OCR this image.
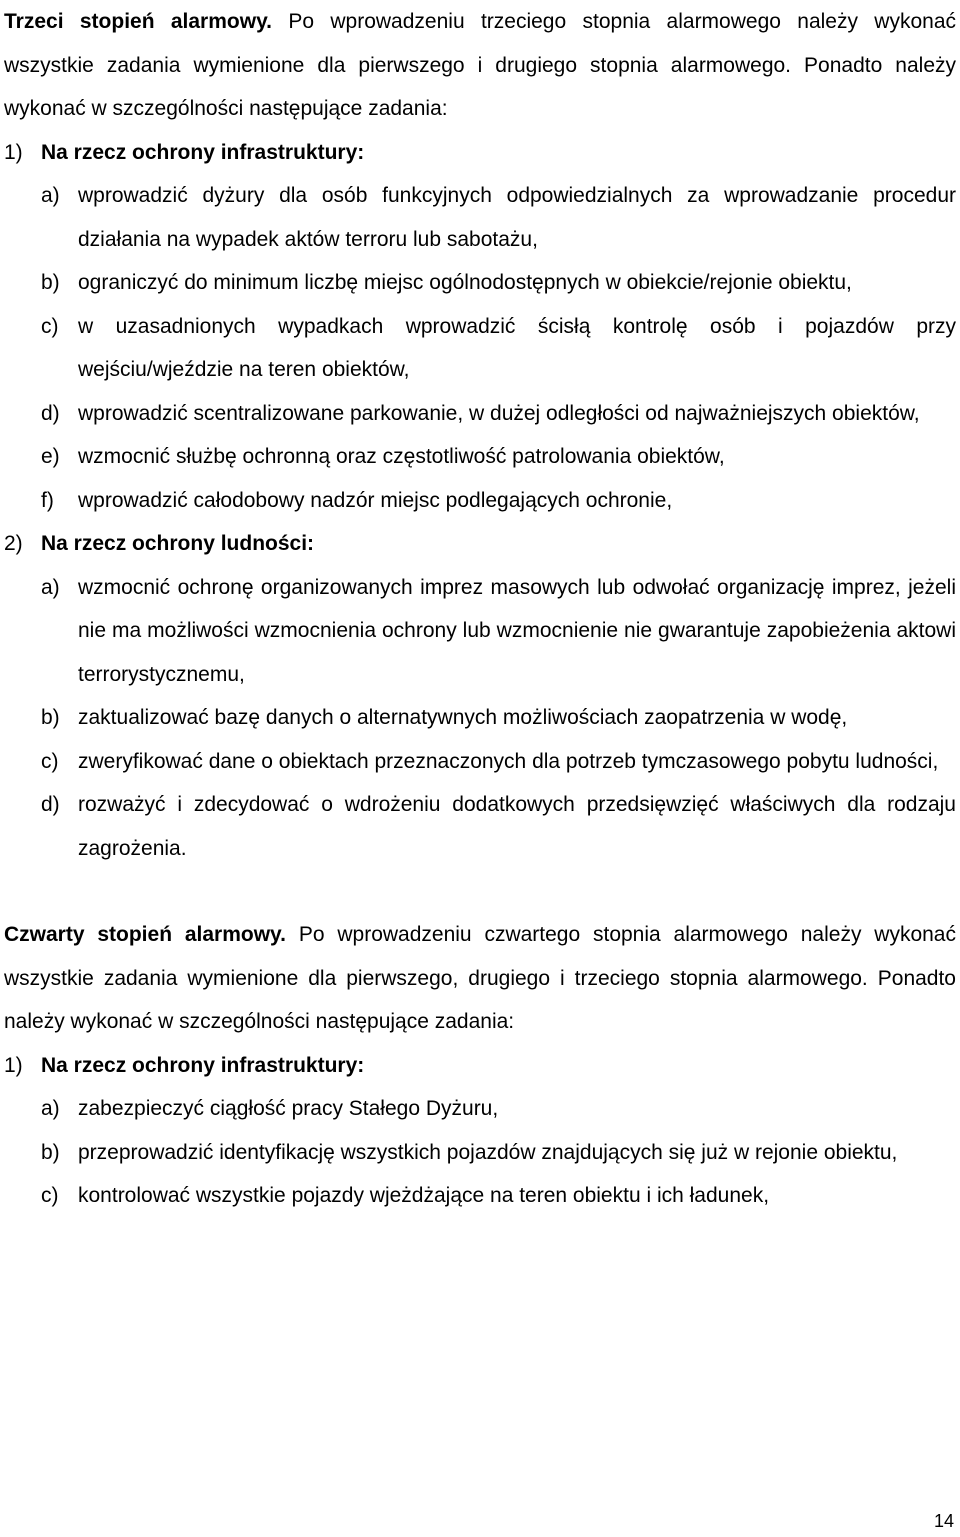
Trzeci stopień alarmowy. Po wprowadzeniu trzeciego stopnia alarmowego należy wykonać wszystkie zadania wymienione dla pierwszego i drugiego stopnia alarmowego. Ponadto należy wykonać w szczególności następujące zadania:

1) Na rzecz ochrony infrastruktury:
a) wprowadzić dyżury dla osób funkcyjnych odpowiedzialnych za wprowadzanie procedur działania na wypadek aktów terroru lub sabotażu,
b) ograniczyć do minimum liczbę miejsc ogólnodostępnych w obiekcie/rejonie obiektu,
c) w uzasadnionych wypadkach wprowadzić ścisłą kontrolę osób i pojazdów przy wejściu/wjeździe na teren obiektów,
d) wprowadzić scentralizowane parkowanie, w dużej odległości od najważniejszych obiektów,
e) wzmocnić służbę ochronną oraz częstotliwość patrolowania obiektów,
f)	wprowadzić całodobowy nadzór miejsc podlegających ochronie,
2) Na rzecz ochrony ludności:
a) wzmocnić ochronę organizowanych imprez masowych lub odwołać organizację imprez, jeżeli nie ma możliwości wzmocnienia ochrony lub wzmocnienie nie gwarantuje zapobieżenia aktowi terrorystycznemu,
b) zaktualizować bazę danych o alternatywnych możliwościach zaopatrzenia w wodę,
c) zweryfikować dane o obiektach przeznaczonych dla potrzeb tymczasowego pobytu ludności,
d) rozważyć i zdecydować o wdrożeniu dodatkowych przedsięwzięć właściwych dla rodzaju zagrożenia.

Czwarty stopień alarmowy. Po wprowadzeniu czwartego stopnia alarmowego należy wykonać wszystkie zadania wymienione dla pierwszego, drugiego i trzeciego stopnia alarmowego. Ponadto należy wykonać w szczególności następujące zadania:

1) Na rzecz ochrony infrastruktury:
a) zabezpieczyć ciągłość pracy Stałego Dyżuru,
b) przeprowadzić identyfikację wszystkich pojazdów znajdujących się już w rejonie obiektu,
c) kontrolować wszystkie pojazdy wjeżdżające na teren obiektu i ich ładunek,
14
